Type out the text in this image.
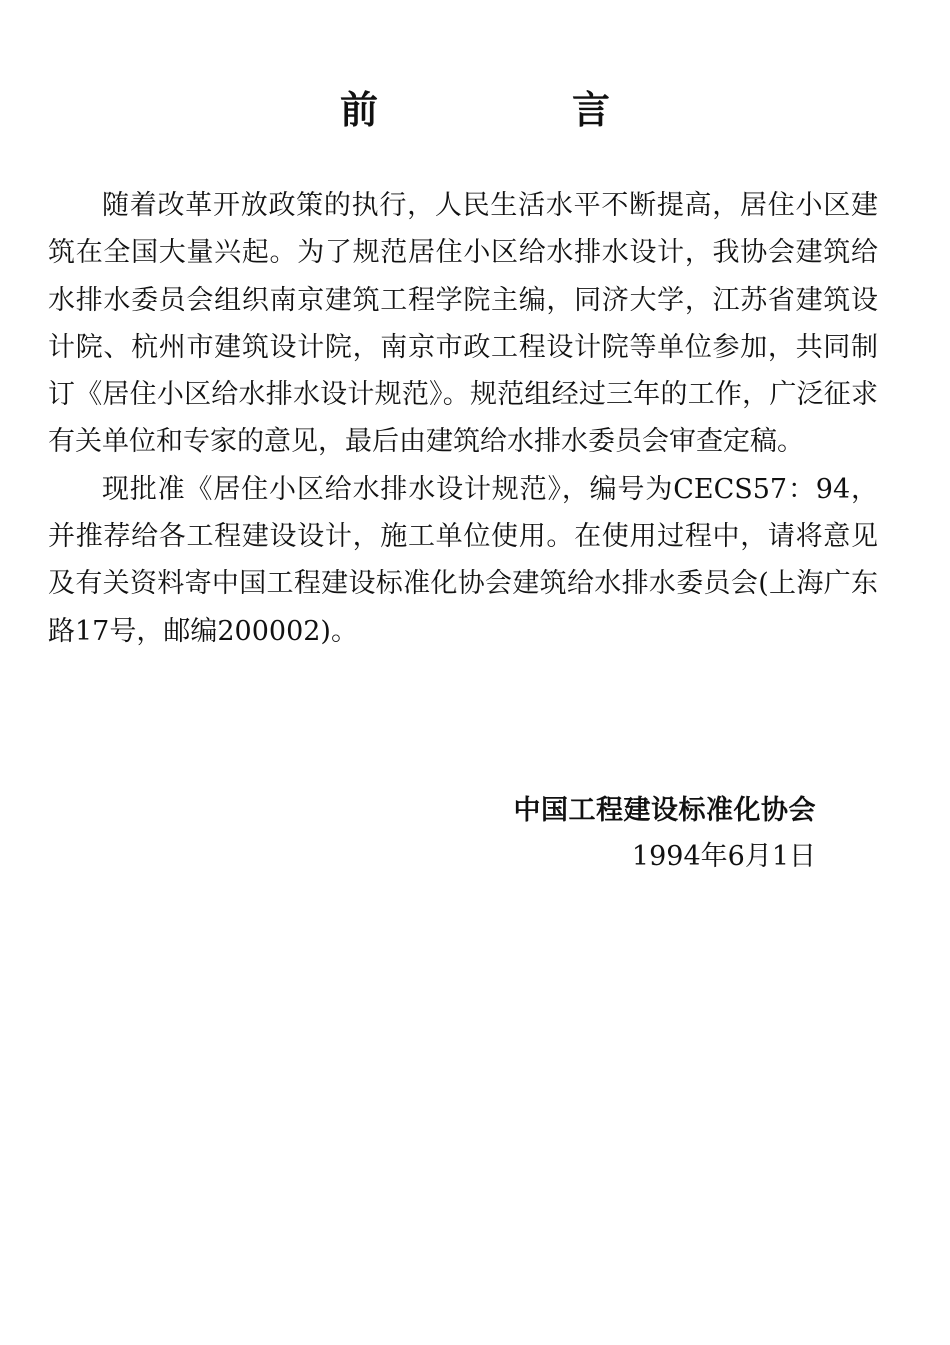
前　言

随着改革开放政策的执行，人民生活水平不断提高，居住小区建筑在全国大量兴起。为了规范居住小区给水排水设计，我协会建筑给水排水委员会组织南京建筑工程学院主编，同济大学，江苏省建筑设计院、杭州市建筑设计院，南京市政工程设计院等单位参加，共同制订《居住小区给水排水设计规范》。规范组经过三年的工作，广泛征求有关单位和专家的意见，最后由建筑给水排水委员会审查定稿。

现批准《居住小区给水排水设计规范》，编号为CECS57：94，并推荐给各工程建设设计，施工单位使用。在使用过程中，请将意见及有关资料寄中国工程建设标准化协会建筑给水排水委员会(上海广东路17号，邮编200002)。

中国工程建设标准化协会
1994年6月1日
